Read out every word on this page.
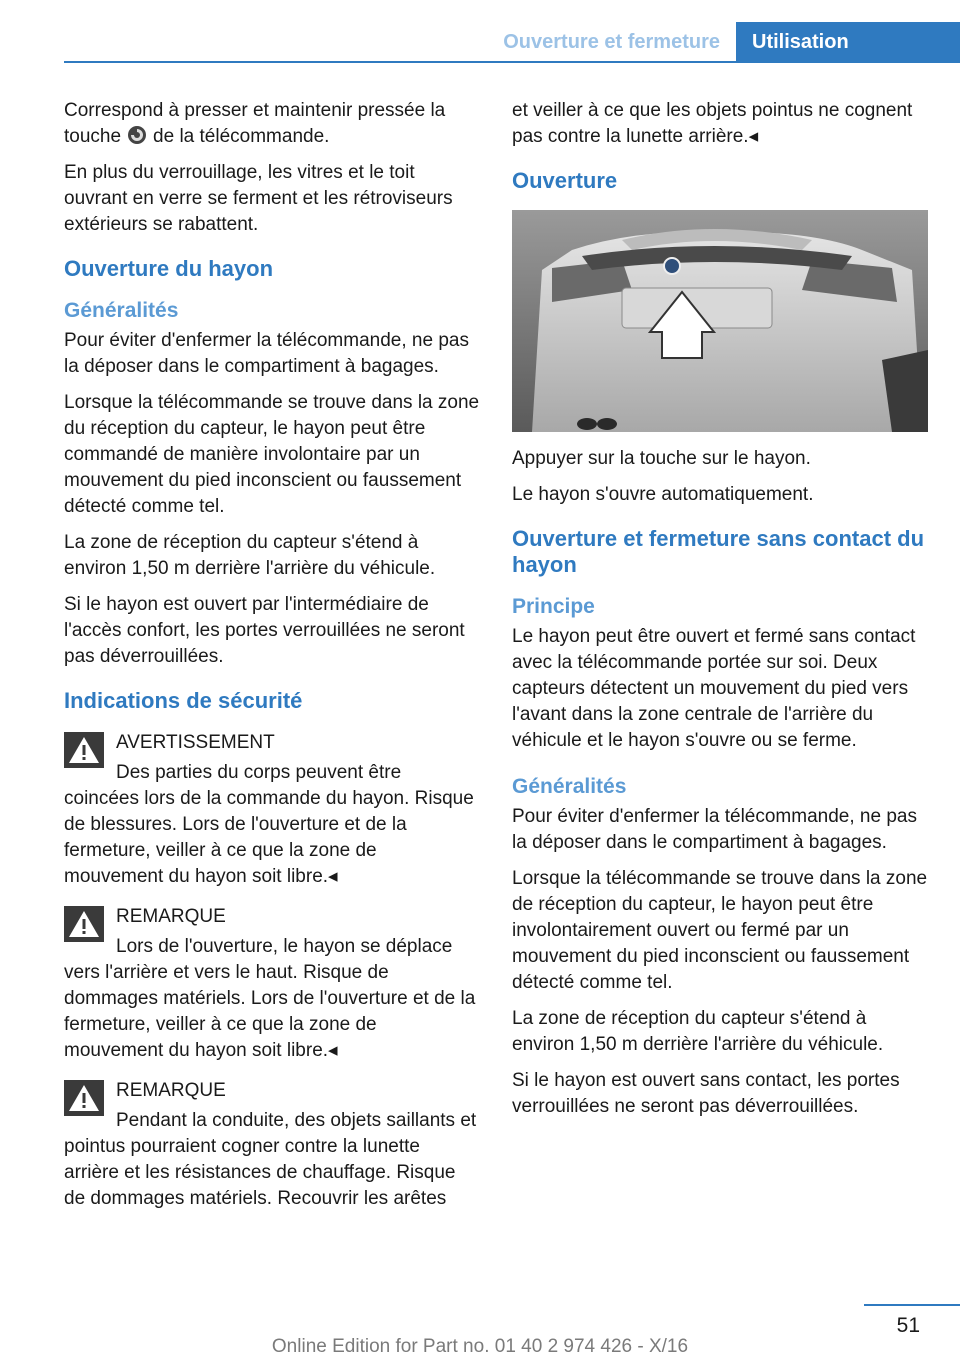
Ouverture et fermeture	Utilisation

Correspond à presser et maintenir pressée la touche de la télécommande.

En plus du verrouillage, les vitres et le toit ouvrant en verre se ferment et les rétroviseurs extérieurs se rabattent.

Ouverture du hayon
Généralités

Pour éviter d'enfermer la télécommande, ne pas la déposer dans le compartiment à bagages.

Lorsque la télécommande se trouve dans la zone du réception du capteur, le hayon peut être commandé de manière involontaire par un mouvement du pied inconscient ou faussement détecté comme tel.

La zone de réception du capteur s'étend à environ 1,50 m derrière l'arrière du véhicule.

Si le hayon est ouvert par l'intermédiaire de l'accès confort, les portes verrouillées ne seront pas déverrouillées.

Indications de sécurité
AVERTISSEMENT

Des parties du corps peuvent être coincées lors de la commande du hayon. Risque de blessures. Lors de l'ouverture et de la fermeture, veiller à ce que la zone de mouvement du hayon soit libre.◂

REMARQUE

Lors de l'ouverture, le hayon se déplace vers l'arrière et vers le haut. Risque de dommages matériels. Lors de l'ouverture et de la fermeture, veiller à ce que la zone de mouvement du hayon soit libre.◂

REMARQUE

Pendant la conduite, des objets saillants et pointus pourraient cogner contre la lunette arrière et les résistances de chauffage. Risque de dommages matériels. Recouvrir les arêtes

et veiller à ce que les objets pointus ne cognent pas contre la lunette arrière.◂

Ouverture

Appuyer sur la touche sur le hayon.

Le hayon s'ouvre automatiquement.

Ouverture et fermeture sans contact du hayon
Principe

Le hayon peut être ouvert et fermé sans contact avec la télécommande portée sur soi. Deux capteurs détectent un mouvement du pied vers l'avant dans la zone centrale de l'arrière du véhicule et le hayon s'ouvre ou se ferme.

Généralités

Pour éviter d'enfermer la télécommande, ne pas la déposer dans le compartiment à bagages.

Lorsque la télécommande se trouve dans la zone de réception du capteur, le hayon peut être involontairement ouvert ou fermé par un mouvement du pied inconscient ou faussement détecté comme tel.

La zone de réception du capteur s'étend à environ 1,50 m derrière l'arrière du véhicule.

Si le hayon est ouvert sans contact, les portes verrouillées ne seront pas déverrouillées.

51
Online Edition for Part no. 01 40 2 974 426 - X/16
